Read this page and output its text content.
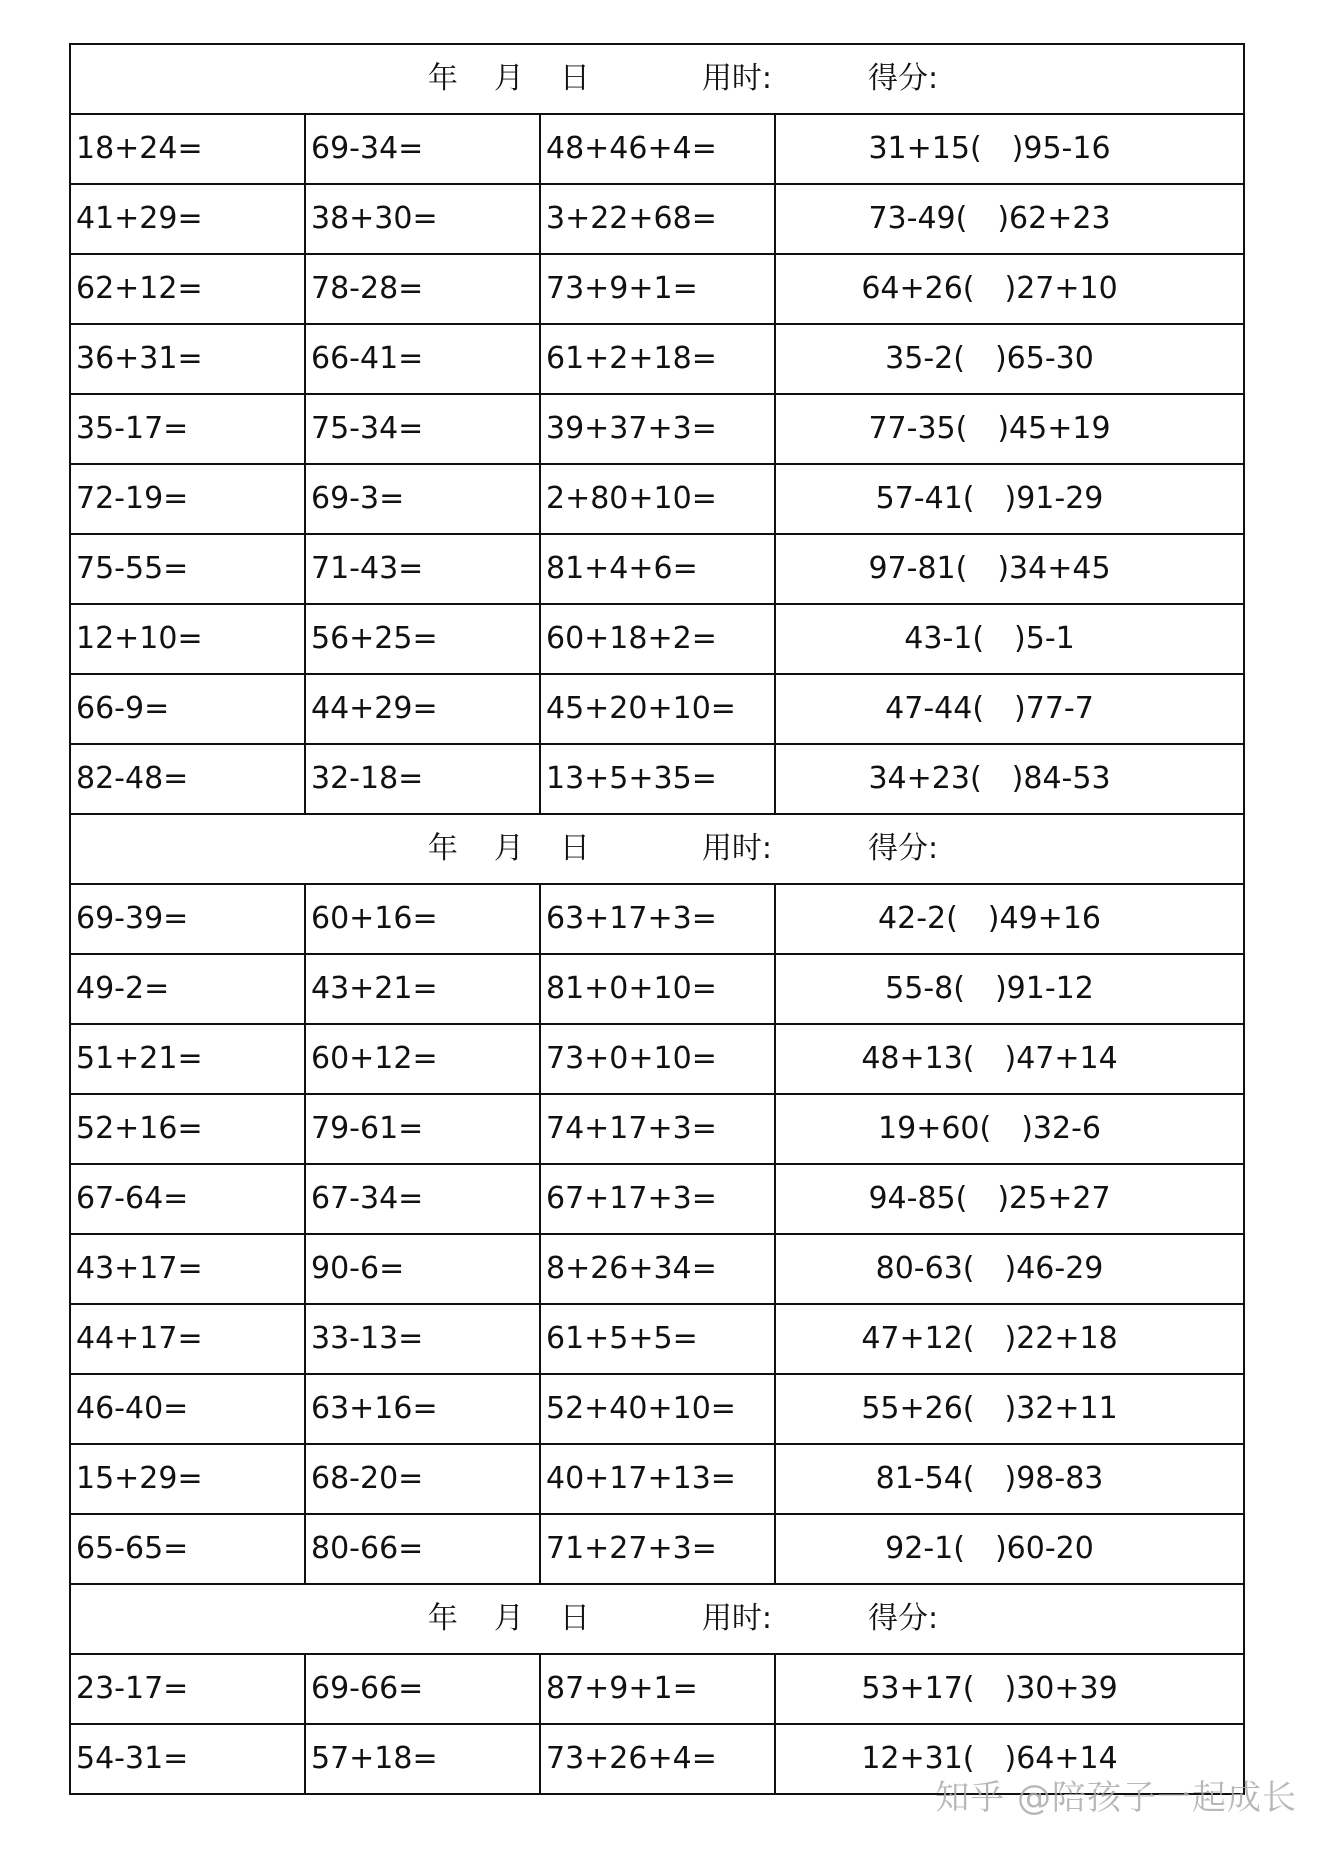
年 月 日 用时: 得分:			
18+24=	69-34=	48+46+4=	31+15(　)95-16
41+29=	38+30=	3+22+68=	73-49(　)62+23
62+12=	78-28=	73+9+1=	64+26(　)27+10
36+31=	66-41=	61+2+18=	35-2(　)65-30
35-17=	75-34=	39+37+3=	77-35(　)45+19
72-19=	69-3=	2+80+10=	57-41(　)91-29
75-55=	71-43=	81+4+6=	97-81(　)34+45
12+10=	56+25=	60+18+2=	43-1(　)5-1
66-9=	44+29=	45+20+10=	47-44(　)77-7
82-48=	32-18=	13+5+35=	34+23(　)84-53
年 月 日 用时: 得分:			
69-39=	60+16=	63+17+3=	42-2(　)49+16
49-2=	43+21=	81+0+10=	55-8(　)91-12
51+21=	60+12=	73+0+10=	48+13(　)47+14
52+16=	79-61=	74+17+3=	19+60(　)32-6
67-64=	67-34=	67+17+3=	94-85(　)25+27
43+17=	90-6=	8+26+34=	80-63(　)46-29
44+17=	33-13=	61+5+5=	47+12(　)22+18
46-40=	63+16=	52+40+10=	55+26(　)32+11
15+29=	68-20=	40+17+13=	81-54(　)98-83
65-65=	80-66=	71+27+3=	92-1(　)60-20
年 月 日 用时: 得分:			
23-17=	69-66=	87+9+1=	53+17(　)30+39
54-31=	57+18=	73+26+4=	12+31(　)64+14
知乎 @陪孩子一起成长
